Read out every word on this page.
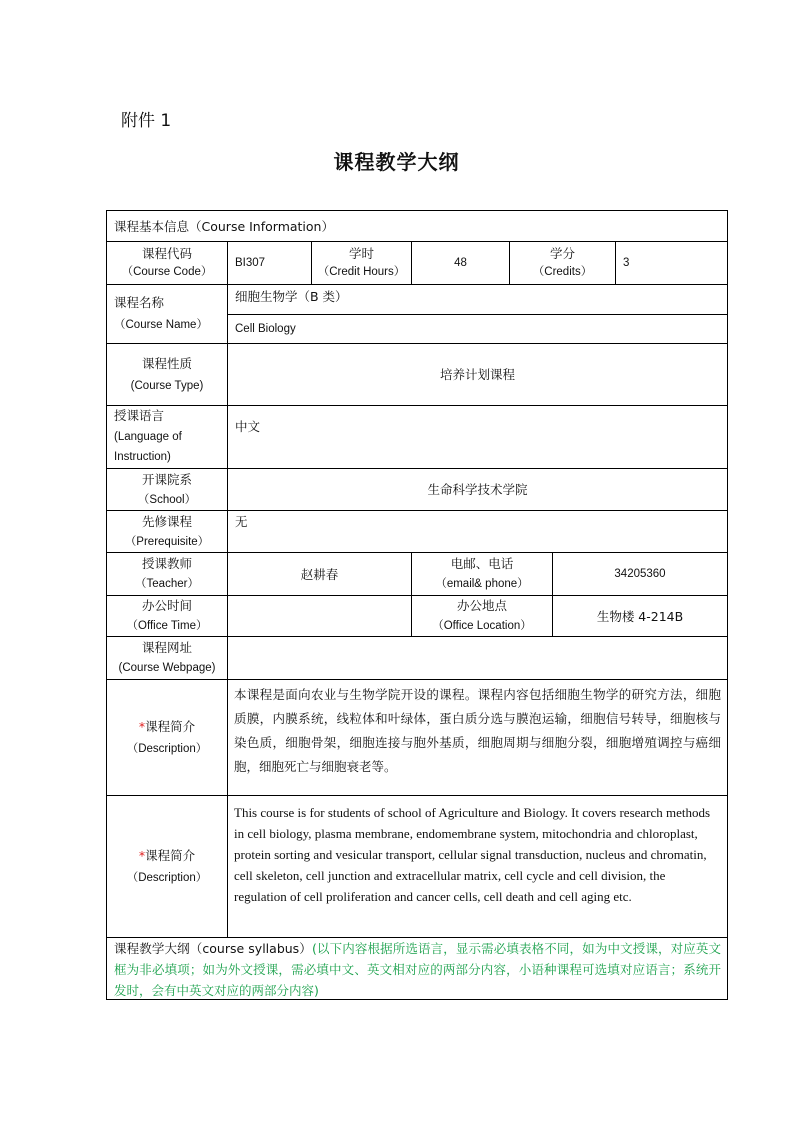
附件 1
课程教学大纲
课程基本信息（Course Information）
课程代码
（Course Code）
BI307
学时
（Credit Hours）
48
学分
（Credits）
3
课程名称
（Course Name）
细胞生物学（B 类）
Cell Biology
课程性质
(Course Type)
培养计划课程
授课语言
(Language of
Instruction)
中文
开课院系
（School）
生命科学技术学院
先修课程
（Prerequisite）
无
授课教师
（Teacher）
赵耕春
电邮、电话
（email& phone）
34205360
办公时间
（Office Time）
办公地点
（Office Location）
生物楼 4-214B
课程网址
(Course Webpage)
*课程简介
（Description）
本课程是面向农业与生物学院开设的课程。课程内容包括细胞生物学的研究方法，细胞质膜，内膜系统，线粒体和叶绿体，蛋白质分选与膜泡运输，细胞信号转导，细胞核与染色质，细胞骨架，细胞连接与胞外基质，细胞周期与细胞分裂，细胞增殖调控与癌细胞，细胞死亡与细胞衰老等。
*课程简介
（Description）
This course is for students of school of Agriculture and Biology. It covers research methods in cell biology, plasma membrane, endomembrane system, mitochondria and chloroplast, protein sorting and vesicular transport, cellular signal transduction, nucleus and chromatin, cell skeleton, cell junction and extracellular matrix, cell cycle and cell division, the regulation of cell proliferation and cancer cells, cell death and cell aging etc.
课程教学大纲（course syllabus）(以下内容根据所选语言，显示需必填表格不同，如为中文授课，对应英文框为非必填项；如为外文授课，需必填中文、英文相对应的两部分内容，小语种课程可选填对应语言；系统开发时，会有中英文对应的两部分内容)
